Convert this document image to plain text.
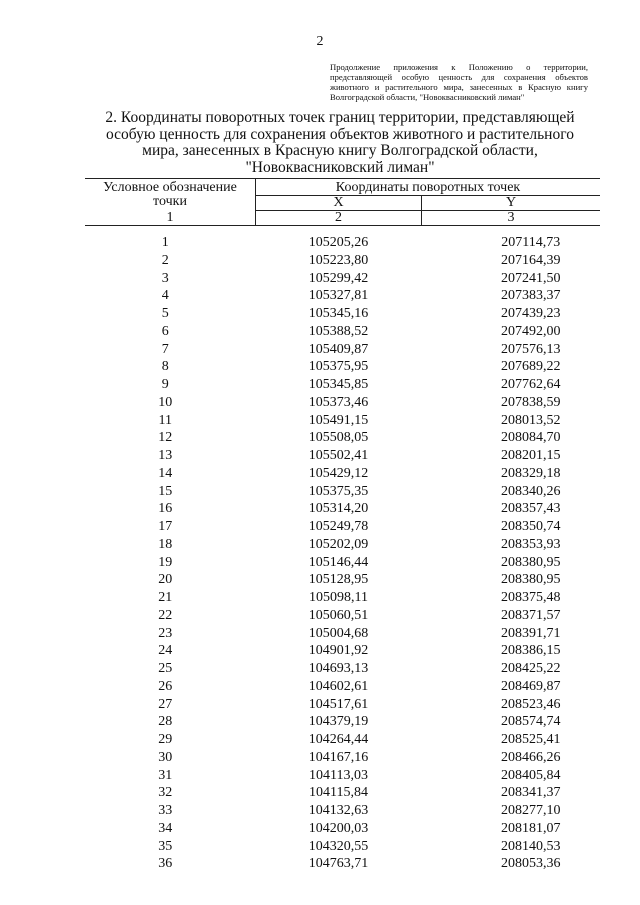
2
Продолжение приложения к Положению о территории, представляющей особую ценность для сохранения объектов животного и растительного мира, занесенных в Красную книгу Волгоградской области, "Новоквасниковский лиман"
2. Координаты поворотных точек границ территории, представляющей особую ценность для сохранения объектов животного и растительного мира, занесенных в Красную книгу Волгоградской области, "Новокваcниковский лиман"
Условное обозначение точки	Координаты поворотных точек	
	X	Y
1	2	3

1	105205,26	207114,73
2	105223,80	207164,39
3	105299,42	207241,50
4	105327,81	207383,37
5	105345,16	207439,23
6	105388,52	207492,00
7	105409,87	207576,13
8	105375,95	207689,22
9	105345,85	207762,64
10	105373,46	207838,59
11	105491,15	208013,52
12	105508,05	208084,70
13	105502,41	208201,15
14	105429,12	208329,18
15	105375,35	208340,26
16	105314,20	208357,43
17	105249,78	208350,74
18	105202,09	208353,93
19	105146,44	208380,95
20	105128,95	208380,95
21	105098,11	208375,48
22	105060,51	208371,57
23	105004,68	208391,71
24	104901,92	208386,15
25	104693,13	208425,22
26	104602,61	208469,87
27	104517,61	208523,46
28	104379,19	208574,74
29	104264,44	208525,41
30	104167,16	208466,26
31	104113,03	208405,84
32	104115,84	208341,37
33	104132,63	208277,10
34	104200,03	208181,07
35	104320,55	208140,53
36	104763,71	208053,36
